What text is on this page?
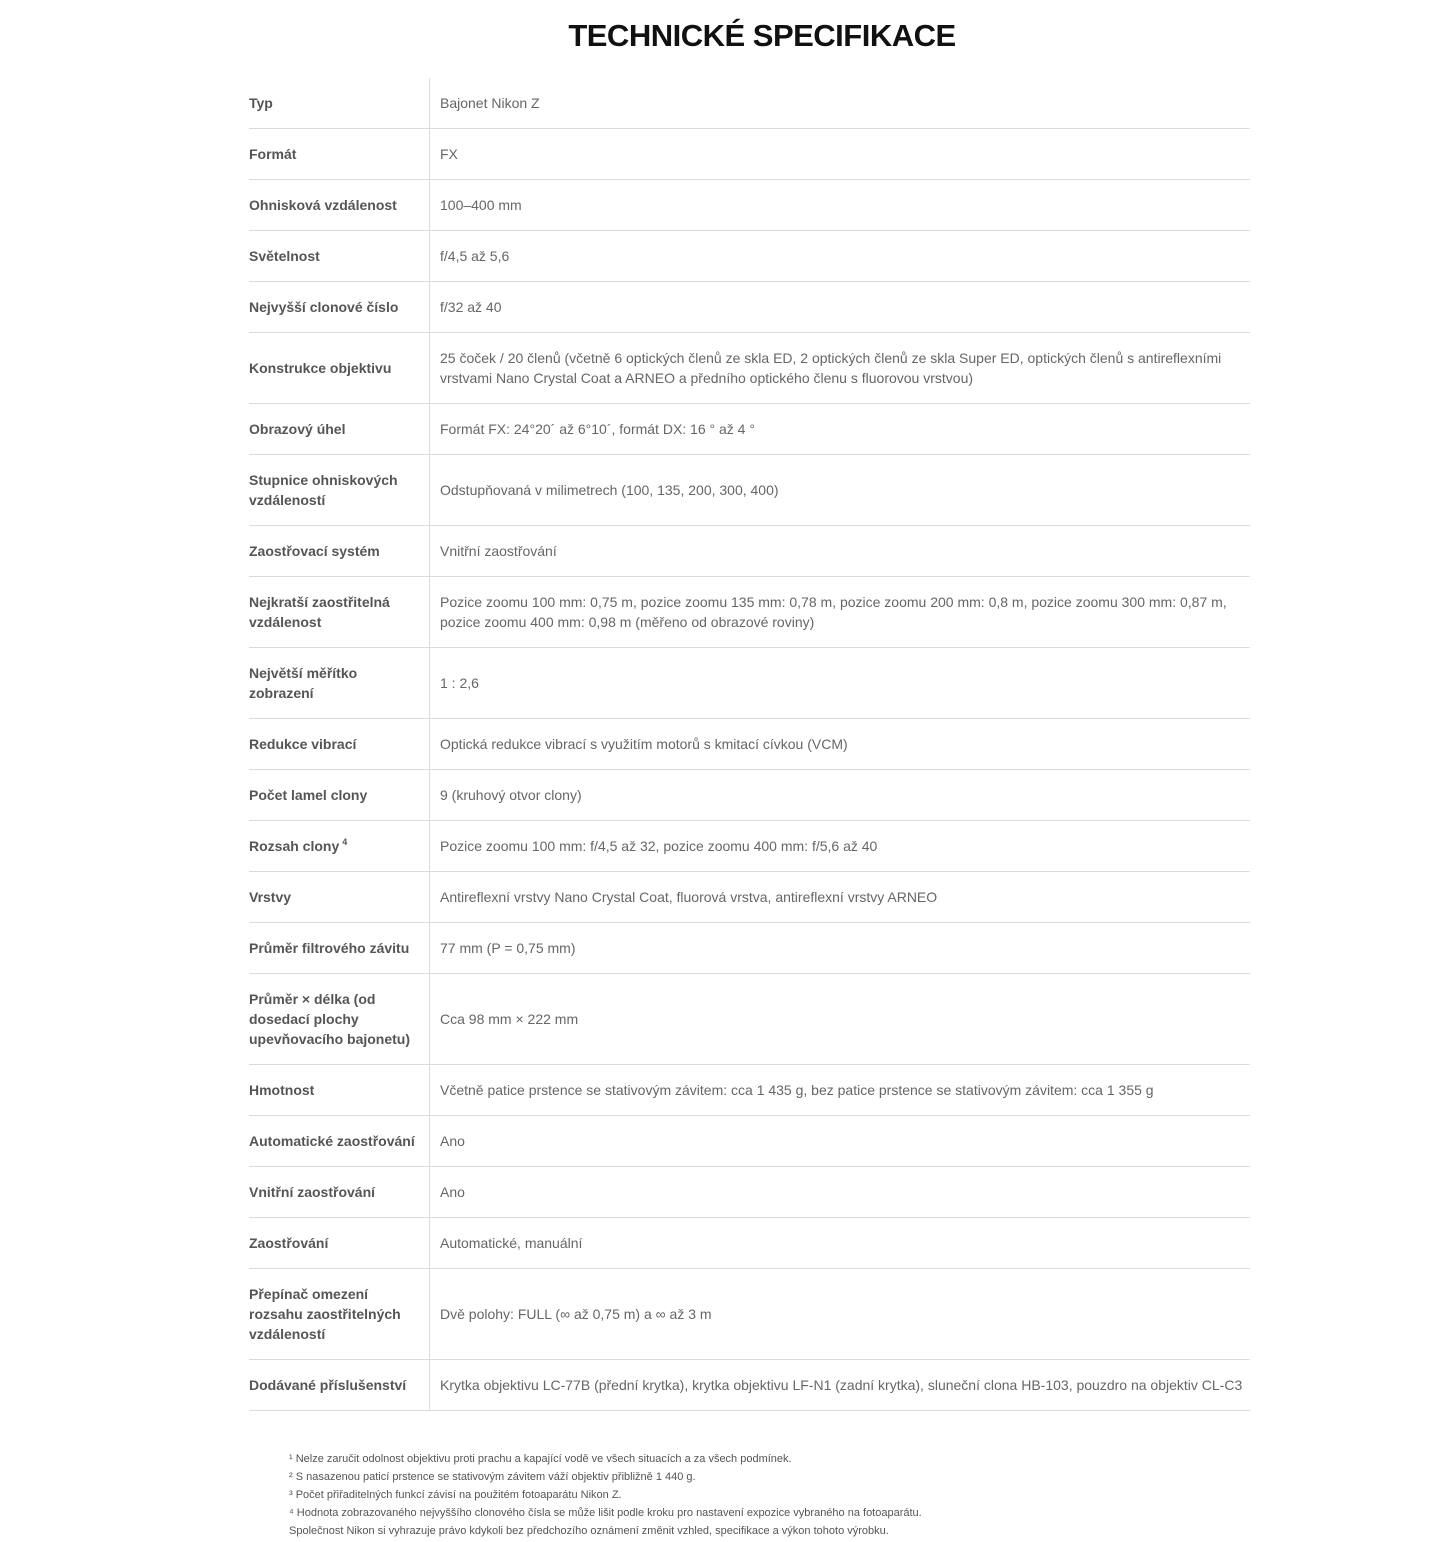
TECHNICKÉ SPECIFIKACE
Typ	Bajonet Nikon Z
Formát	FX
Ohnisková vzdálenost	100–400 mm
Světelnost	f/4,5 až 5,6
Nejvyšší clonové číslo	f/32 až 40
Konstrukce objektivu	25 čoček / 20 členů (včetně 6 optických členů ze skla ED, 2 optických členů ze skla Super ED, optických členů s antireflexními vrstvami Nano Crystal Coat a ARNEO a předního optického členu s fluorovou vrstvou)
Obrazový úhel	Formát FX: 24°20´ až 6°10´, formát DX: 16 ° až 4 °
Stupnice ohniskových vzdáleností	Odstupňovaná v milimetrech (100, 135, 200, 300, 400)
Zaostřovací systém	Vnitřní zaostřování
Nejkratší zaostřitelná vzdálenost	Pozice zoomu 100 mm: 0,75 m, pozice zoomu 135 mm: 0,78 m, pozice zoomu 200 mm: 0,8 m, pozice zoomu 300 mm: 0,87 m, pozice zoomu 400 mm: 0,98 m (měřeno od obrazové roviny)
Největší měřítko zobrazení	1 : 2,6
Redukce vibrací	Optická redukce vibrací s využitím motorů s kmitací cívkou (VCM)
Počet lamel clony	9 (kruhový otvor clony)
Rozsah clony $^4$	Pozice zoomu 100 mm: f/4,5 až 32, pozice zoomu 400 mm: f/5,6 až 40
Vrstvy	Antireflexní vrstvy Nano Crystal Coat, fluorová vrstva, antireflexní vrstvy ARNEO
Průměr filtrového závitu	77 mm (P = 0,75 mm)
Průměr × délka (od dosedací plochy upevňovacího bajonetu)	Cca 98 mm × 222 mm
Hmotnost	Včetně patice prstence se stativovým závitem: cca 1 435 g, bez patice prstence se stativovým závitem: cca 1 355 g
Automatické zaostřování	Ano
Vnitřní zaostřování	Ano
Zaostřování	Automatické, manuální
Přepínač omezení rozsahu zaostřitelných vzdáleností	Dvě polohy: FULL (∞ až 0,75 m) a ∞ až 3 m
Dodávané příslušenství	Krytka objektivu LC-77B (přední krytka), krytka objektivu LF-N1 (zadní krytka), sluneční clona HB-103, pouzdro na objektiv CL-C3
¹ Nelze zaručit odolnost objektivu proti prachu a kapající vodě ve všech situacích a za všech podmínek.
² S nasazenou paticí prstence se stativovým závitem váží objektiv přibližně 1 440 g.
³ Počet přiřaditelných funkcí závisí na použitém fotoaparátu Nikon Z.
⁴ Hodnota zobrazovaného nejvyššího clonového čísla se může lišit podle kroku pro nastavení expozice vybraného na fotoaparátu.
Společnost Nikon si vyhrazuje právo kdykoli bez předchozího oznámení změnit vzhled, specifikace a výkon tohoto výrobku.
